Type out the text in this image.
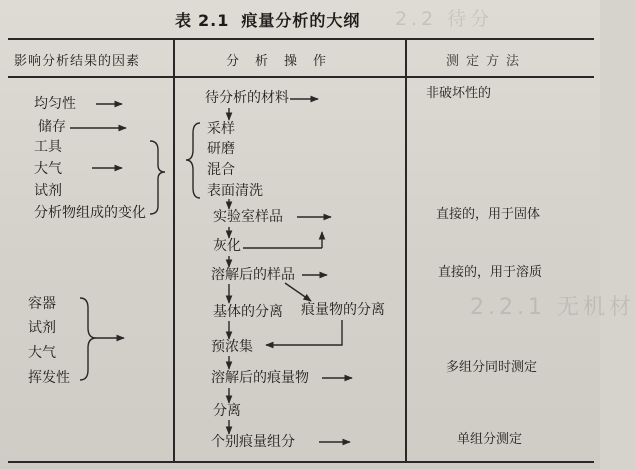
2.2 待分
2.2.1 无机材
表 2.1 痕量分析的大纲
影响分析结果的因素	分析操作	测定方法
均匀性
储存
工具
大气
试剂
分析物组成的变化
容器
试剂
大气
挥发性
待分析的材料
采样
研磨
混合
表面清洗
实验室样品
灰化
溶解后的样品
基体的分离 痕量物的分离
预浓集
溶解后的痕量物
分离
个别痕量组分
非破坏性的
直接的，用于固体
直接的，用于溶质
多组分同时测定
单组分测定
